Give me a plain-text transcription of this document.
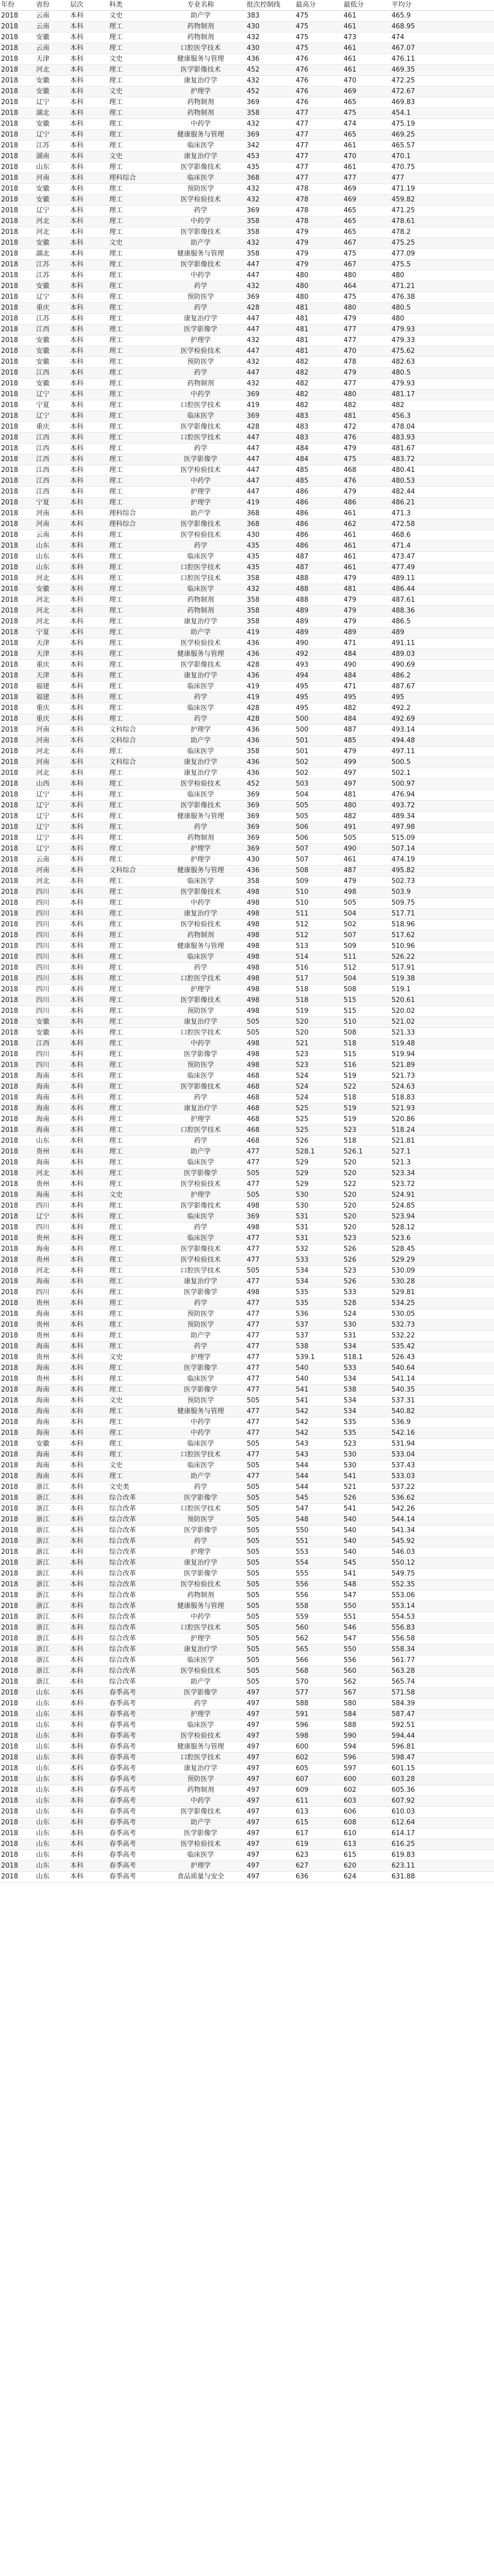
年份	省份	层次	科类	专业名称	批次控制线	最高分	最低分	平均分	
2018	云南	本科	文史	助产学	383	475	461	465.9	
2018	云南	本科	理工	药物制剂	430	475	461	468.95	
2018	安徽	本科	理工	药物制剂	432	475	473	474	
2018	云南	本科	理工	口腔医学技术	430	475	461	467.07	
2018	天津	本科	文史	健康服务与管理	436	476	461	476.11	
2018	河北	本科	理工	医学影像技术	452	476	461	469.35	
2018	安徽	本科	理工	康复治疗学	432	476	470	472.25	
2018	安徽	本科	文史	护理学	452	476	469	472.67	
2018	辽宁	本科	理工	药物制剂	369	476	465	469.83	
2018	湖北	本科	理工	药物制剂	358	477	475	454.1	
2018	安徽	本科	理工	中药学	432	477	474	475.19	
2018	辽宁	本科	理工	健康服务与管理	369	477	465	469.25	
2018	江苏	本科	理工	临床医学	342	477	461	465.57	
2018	湖南	本科	文史	康复治疗学	453	477	470	470.1	
2018	山东	本科	理工	医学影像技术	435	477	461	470.75	
2018	河南	本科	理科综合	临床医学	368	477	477	477	
2018	安徽	本科	理工	预防医学	432	478	469	471.19	
2018	安徽	本科	理工	医学检验技术	432	478	469	459.82	
2018	辽宁	本科	理工	药学	369	478	465	471.25	
2018	河北	本科	理工	中药学	358	478	465	478.61	
2018	河北	本科	理工	医学影像技术	358	479	465	478.2	
2018	安徽	本科	文史	助产学	432	479	467	475.25	
2018	湖北	本科	理工	健康服务与管理	358	479	475	477.09	
2018	江苏	本科	理工	医学影像技术	447	479	467	475.5	
2018	江苏	本科	理工	中药学	447	480	480	480	
2018	安徽	本科	理工	药学	432	480	464	471.21	
2018	辽宁	本科	理工	预防医学	369	480	475	476.38	
2018	重庆	本科	理工	药学	428	481	480	480.5	
2018	江苏	本科	理工	康复治疗学	447	481	479	480	
2018	江西	本科	理工	医学影像学	447	481	477	479.93	
2018	安徽	本科	理工	护理学	432	481	477	479.33	
2018	安徽	本科	理工	医学检验技术	447	481	470	475.62	
2018	安徽	本科	理工	预防医学	432	482	478	482.63	
2018	江西	本科	理工	药学	447	482	479	480.5	
2018	安徽	本科	理工	药物制剂	432	482	477	479.93	
2018	辽宁	本科	理工	中药学	369	482	480	481.17	
2018	宁夏	本科	理工	口腔医学技术	419	482	482	482	
2018	辽宁	本科	理工	临床医学	369	483	481	456.3	
2018	重庆	本科	理工	医学影像技术	428	483	472	478.04	
2018	江西	本科	理工	口腔医学技术	447	483	476	483.93	
2018	江西	本科	理工	药学	447	484	479	481.67	
2018	江西	本科	理工	医学影像学	447	484	475	483.72	
2018	江西	本科	理工	医学检验技术	447	485	468	480.41	
2018	江西	本科	理工	中药学	447	485	476	480.53	
2018	江西	本科	理工	护理学	447	486	479	482.44	
2018	宁夏	本科	理工	护理学	419	486	486	486.21	
2018	河南	本科	理科综合	助产学	368	486	461	471.3	
2018	河南	本科	理科综合	医学影像技术	368	486	462	472.58	
2018	云南	本科	理工	医学检验技术	430	486	461	468.6	
2018	山东	本科	理工	药学	435	486	461	471.4	
2018	山东	本科	理工	临床医学	435	487	461	473.47	
2018	山东	本科	理工	口腔医学技术	435	487	461	477.49	
2018	河北	本科	理工	口腔医学技术	358	488	479	489.11	
2018	安徽	本科	理工	临床医学	432	488	481	486.44	
2018	河北	本科	理工	药物制剂	358	488	479	487.61	
2018	河北	本科	理工	药物制剂	358	489	479	488.36	
2018	河北	本科	理工	康复治疗学	358	489	479	486.5	
2018	宁夏	本科	理工	助产学	419	489	489	489	
2018	天津	本科	理工	医学检验技术	436	490	471	491.11	
2018	天津	本科	理工	健康服务与管理	436	492	484	489.03	
2018	重庆	本科	理工	医学影像技术	428	493	490	490.69	
2018	天津	本科	理工	康复治疗学	436	494	484	486.2	
2018	福建	本科	理工	临床医学	419	495	471	487.67	
2018	福建	本科	理工	药学	419	495	495	495	
2018	重庆	本科	理工	临床医学	428	495	482	492.2	
2018	重庆	本科	理工	药学	428	500	484	492.69	
2018	河南	本科	文科综合	护理学	436	500	487	493.14	
2018	河南	本科	文科综合	助产学	436	501	485	494.48	
2018	河北	本科	理工	临床医学	358	501	479	497.11	
2018	河南	本科	文科综合	康复治疗学	436	502	499	500.5	
2018	河北	本科	理工	康复治疗学	436	502	497	502.1	
2018	山西	本科	理工	医学检验技术	452	503	497	500.97	
2018	辽宁	本科	理工	临床医学	369	504	481	476.94	
2018	辽宁	本科	理工	医学影像技术	369	505	480	493.72	
2018	辽宁	本科	理工	健康服务与管理	369	505	482	489.34	
2018	辽宁	本科	理工	药学	369	506	491	497.98	
2018	辽宁	本科	理工	药物制剂	369	506	505	515.09	
2018	辽宁	本科	理工	护理学	369	507	490	507.14	
2018	云南	本科	理工	护理学	430	507	461	474.19	
2018	河南	本科	文科综合	健康服务与管理	436	508	487	495.82	
2018	河北	本科	理工	临床医学	358	509	479	502.73	
2018	四川	本科	理工	医学影像技术	498	510	498	503.9	
2018	四川	本科	理工	中药学	498	510	505	509.75	
2018	四川	本科	理工	康复治疗学	498	511	504	517.71	
2018	四川	本科	理工	医学检验技术	498	512	502	518.96	
2018	四川	本科	理工	药物制剂	498	512	507	517.62	
2018	四川	本科	理工	健康服务与管理	498	513	509	510.96	
2018	四川	本科	理工	临床医学	498	514	511	526.22	
2018	四川	本科	理工	药学	498	516	512	517.91	
2018	四川	本科	理工	口腔医学技术	498	517	504	519.38	
2018	四川	本科	理工	护理学	498	518	508	519.1	
2018	四川	本科	理工	医学影像技术	498	518	515	520.61	
2018	四川	本科	理工	预防医学	498	519	515	520.02	
2018	安徽	本科	理工	康复治疗学	505	520	510	521.02	
2018	安徽	本科	理工	口腔医学技术	505	520	508	521.33	
2018	江西	本科	理工	中药学	498	521	518	519.48	
2018	四川	本科	理工	医学影像学	498	523	515	519.94	
2018	四川	本科	理工	预防医学	498	523	516	521.89	
2018	海南	本科	理工	临床医学	468	524	519	521.73	
2018	海南	本科	理工	医学影像技术	468	524	522	524.63	
2018	海南	本科	理工	药学	468	524	518	518.83	
2018	海南	本科	理工	康复治疗学	468	525	519	521.93	
2018	海南	本科	理工	护理学	468	525	519	520.86	
2018	海南	本科	理工	口腔医学技术	468	525	523	518.24	
2018	山东	本科	理工	药学	468	526	518	521.81	
2018	贵州	本科	理工	助产学	477	528.1	526.1	527.1	
2018	海南	本科	理工	临床医学	477	529	520	521.3	
2018	河北	本科	理工	医学影像学	505	529	520	523.34	
2018	贵州	本科	理工	医学检验技术	477	529	522	523.72	
2018	海南	本科	文史	护理学	505	530	520	524.91	
2018	四川	本科	理工	医学影像技术	498	530	520	524.85	
2018	辽宁	本科	理工	临床医学	369	531	520	523.94	
2018	四川	本科	理工	药学	498	531	520	528.12	
2018	贵州	本科	理工	临床医学	477	531	523	523.6	
2018	海南	本科	理工	医学影像技术	477	532	526	528.45	
2018	贵州	本科	理工	医学检验技术	477	533	526	529.29	
2018	河北	本科	理工	口腔医学技术	505	534	523	530.09	
2018	海南	本科	理工	康复治疗学	477	534	526	530.28	
2018	四川	本科	理工	医学影像学	498	535	533	529.81	
2018	贵州	本科	理工	药学	477	535	528	534.25	
2018	海南	本科	理工	预防医学	477	536	524	530.05	
2018	贵州	本科	理工	预防医学	477	537	530	532.73	
2018	贵州	本科	理工	助产学	477	537	531	532.22	
2018	海南	本科	理工	药学	477	538	534	535.42	
2018	贵州	本科	文史	护理学	477	539.1	518.1	526.43	
2018	海南	本科	理工	医学影像学	477	540	533	540.64	
2018	贵州	本科	理工	临床医学	477	540	534	541.14	
2018	海南	本科	理工	医学影像学	477	541	538	540.35	
2018	海南	本科	文史	预防医学	505	541	534	537.31	
2018	海南	本科	理工	健康服务与管理	477	542	534	540.82	
2018	海南	本科	理工	中药学	477	542	535	536.9	
2018	海南	本科	理工	中药学	477	542	535	542.16	
2018	安徽	本科	理工	临床医学	505	543	523	531.94	
2018	海南	本科	理工	口腔医学技术	477	543	530	533.04	
2018	海南	本科	文史	临床医学	505	544	530	537.43	
2018	海南	本科	理工	助产学	477	544	541	533.03	
2018	浙江	本科	文史类	药学	505	544	521	537.22	
2018	浙江	本科	综合改革	医学影像学	505	545	526	536.62	
2018	浙江	本科	综合改革	口腔医学技术	505	547	541	542.26	
2018	浙江	本科	综合改革	预防医学	505	548	540	544.14	
2018	浙江	本科	综合改革	医学影像学	505	550	540	541.34	
2018	浙江	本科	综合改革	药学	505	551	540	545.92	
2018	浙江	本科	综合改革	护理学	505	553	540	546.03	
2018	浙江	本科	综合改革	康复治疗学	505	554	545	550.12	
2018	浙江	本科	综合改革	医学影像学	505	555	541	549.75	
2018	浙江	本科	综合改革	医学检验技术	505	556	548	552.35	
2018	浙江	本科	综合改革	药物制剂	505	556	547	553.06	
2018	浙江	本科	综合改革	健康服务与管理	505	558	550	553.14	
2018	浙江	本科	综合改革	中药学	505	559	551	554.53	
2018	浙江	本科	综合改革	口腔医学技术	505	560	546	556.83	
2018	浙江	本科	综合改革	护理学	505	562	547	556.58	
2018	浙江	本科	综合改革	康复治疗学	505	565	550	558.34	
2018	浙江	本科	综合改革	临床医学	505	566	556	561.77	
2018	浙江	本科	综合改革	医学检验技术	505	568	560	563.28	
2018	浙江	本科	综合改革	助产学	505	570	562	565.74	
2018	山东	本科	春季高考	医学影像学	497	577	567	571.58	
2018	山东	本科	春季高考	药学	497	588	580	584.39	
2018	山东	本科	春季高考	护理学	497	591	584	587.47	
2018	山东	本科	春季高考	临床医学	497	596	588	592.51	
2018	山东	本科	春季高考	医学检验技术	497	598	590	594.44	
2018	山东	本科	春季高考	健康服务与管理	497	600	594	596.81	
2018	山东	本科	春季高考	口腔医学技术	497	602	596	598.47	
2018	山东	本科	春季高考	康复治疗学	497	605	597	601.15	
2018	山东	本科	春季高考	预防医学	497	607	600	603.28	
2018	山东	本科	春季高考	药物制剂	497	609	602	605.36	
2018	山东	本科	春季高考	中药学	497	611	603	607.92	
2018	山东	本科	春季高考	医学影像技术	497	613	606	610.03	
2018	山东	本科	春季高考	助产学	497	615	608	612.64	
2018	山东	本科	春季高考	医学影像学	497	617	610	614.17	
2018	山东	本科	春季高考	医学检验技术	497	619	613	616.25	
2018	山东	本科	春季高考	临床医学	497	623	615	619.83	
2018	山东	本科	春季高考	护理学	497	627	620	623.11	
2018	山东	本科	春季高考	食品质量与安全	497	636	624	631.88	
